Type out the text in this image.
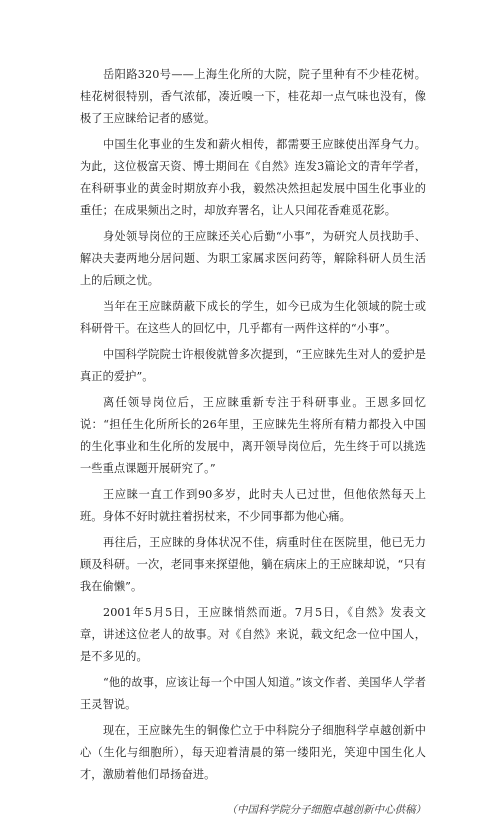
岳阳路320号——上海生化所的大院，院子里种有不少桂花树。桂花树很特别，香气浓郁，凑近嗅一下，桂花却一点气味也没有，像极了王应睐给记者的感觉。

中国生化事业的生发和薪火相传，都需要王应睐使出浑身气力。为此，这位极富天资、博士期间在《自然》连发3篇论文的青年学者，在科研事业的黄金时期放弃小我，毅然决然担起发展中国生化事业的重任；在成果频出之时，却放弃署名，让人只闻花香难觅花影。

身处领导岗位的王应睐还关心后勤“小事”，为研究人员找助手、解决夫妻两地分居问题、为职工家属求医问药等，解除科研人员生活上的后顾之忧。

当年在王应睐荫蔽下成长的学生，如今已成为生化领域的院士或科研骨干。在这些人的回忆中，几乎都有一两件这样的“小事”。

中国科学院院士许根俊就曾多次提到，“王应睐先生对人的爱护是真正的爱护”。

离任领导岗位后，王应睐重新专注于科研事业。王恩多回忆说：“担任生化所所长的26年里，王应睐先生将所有精力都投入中国的生化事业和生化所的发展中，离开领导岗位后，先生终于可以挑选一些重点课题开展研究了。”

王应睐一直工作到90多岁，此时夫人已过世，但他依然每天上班。身体不好时就拄着拐杖来，不少同事都为他心痛。

再往后，王应睐的身体状况不佳，病重时住在医院里，他已无力顾及科研。一次，老同事来探望他，躺在病床上的王应睐却说，“只有我在偷懒”。

2001年5月5日，王应睐悄然而逝。7月5日，《自然》发表文章，讲述这位老人的故事。对《自然》来说，载文纪念一位中国人，是不多见的。

“他的故事，应该让每一个中国人知道。”该文作者、美国华人学者王灵智说。

现在，王应睐先生的铜像伫立于中科院分子细胞科学卓越创新中心（生化与细胞所），每天迎着清晨的第一缕阳光，笑迎中国生化人才，激励着他们昂扬奋进。

（中国科学院分子细胞卓越创新中心供稿）
